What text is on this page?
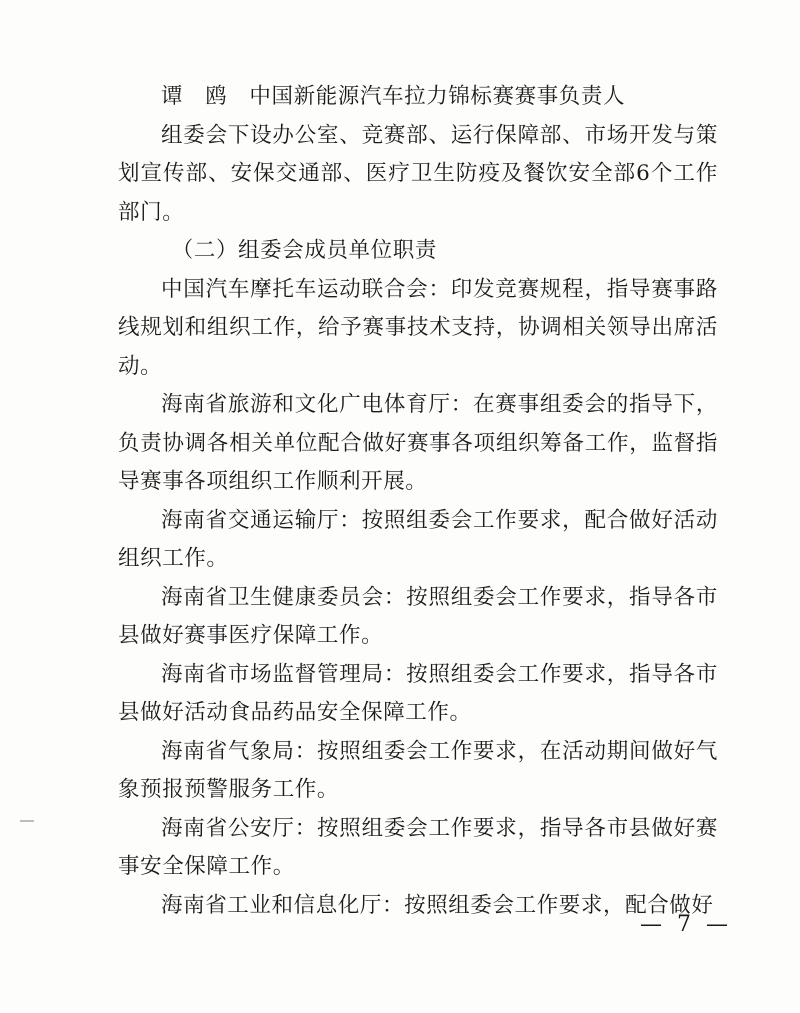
谭　鸥　中国新能源汽车拉力锦标赛赛事负责人

组委会下设办公室、竞赛部、运行保障部、市场开发与策划宣传部、安保交通部、医疗卫生防疫及餐饮安全部6个工作部门。

（二）组委会成员单位职责

中国汽车摩托车运动联合会：印发竞赛规程，指导赛事路线规划和组织工作，给予赛事技术支持，协调相关领导出席活动。

海南省旅游和文化广电体育厅：在赛事组委会的指导下，负责协调各相关单位配合做好赛事各项组织筹备工作，监督指导赛事各项组织工作顺利开展。

海南省交通运输厅：按照组委会工作要求，配合做好活动组织工作。

海南省卫生健康委员会：按照组委会工作要求，指导各市县做好赛事医疗保障工作。

海南省市场监督管理局：按照组委会工作要求，指导各市县做好活动食品药品安全保障工作。

海南省气象局：按照组委会工作要求，在活动期间做好气象预报预警服务工作。

海南省公安厅：按照组委会工作要求，指导各市县做好赛事安全保障工作。

海南省工业和信息化厅：按照组委会工作要求，配合做好

— 7 —
